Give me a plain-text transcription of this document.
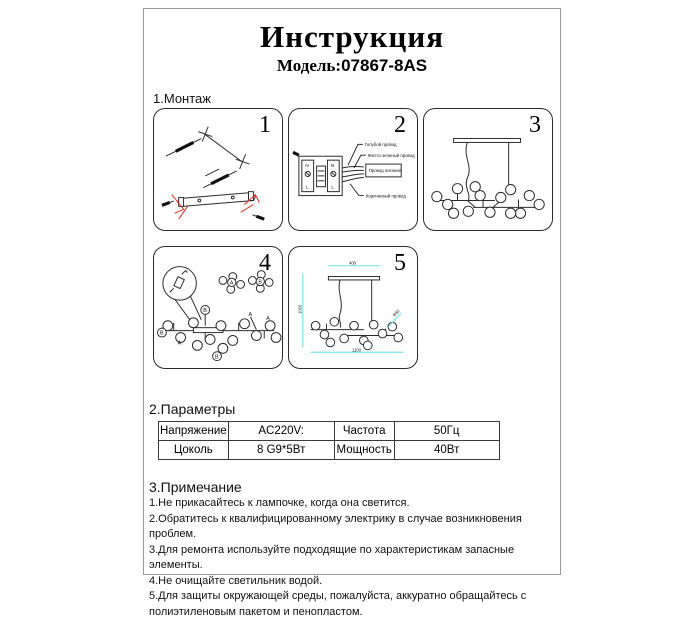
Инструкция
Модель:07867-8AS
1.Монтаж
1
N
L
N
L
Голубой провод
Желто-зеленый провод
Провод питания
Коричневый провод
2	3
A	B
B
B
B
A
A
A
4	400
1000
1100
Φ60
5
2.Параметры
Напряжение	AC220V:	Частота	50Гц
Цоколь	8 G9*5Вт	Мощность	40Вт
3.Примечание
1.Не прикасайтесь к лампочке, когда она светится.
2.Обратитесь к квалифицированному электрику в случае возникновения проблем.
3.Для ремонта используйте подходящие по характеристикам запасные элементы.
4.Не очищайте светильник водой.
5.Для защиты окружающей среды, пожалуйста, аккуратно обращайтесь с полиэтиленовым пакетом и пенопластом.
